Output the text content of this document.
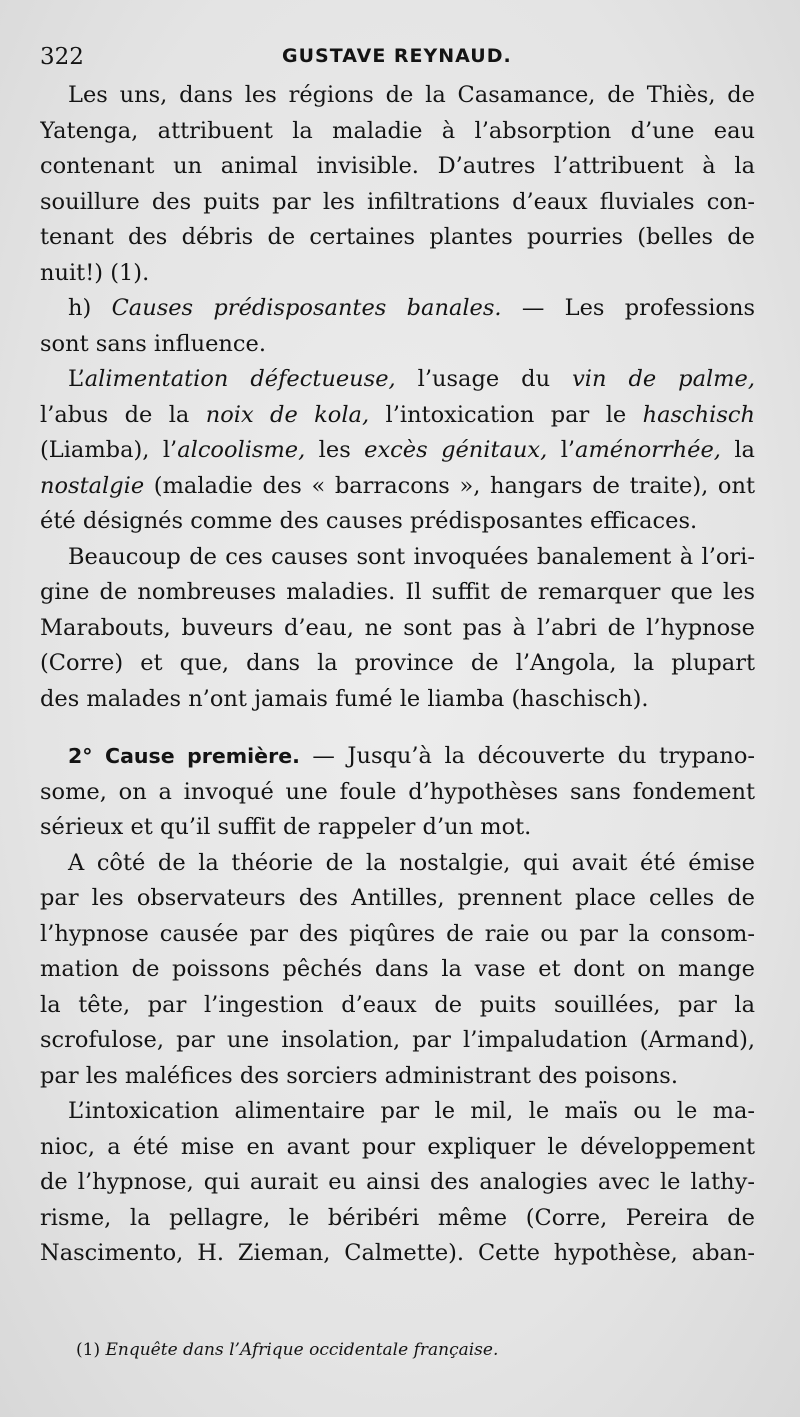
322	GUSTAVE REYNAUD.
Les uns, dans les régions de la Casamance, de Thiès, de
Yatenga, attribuent la maladie à l’absorption d’une eau
contenant un animal invisible. D’autres l’attribuent à la
souillure des puits par les infiltrations d’eaux fluviales con-
tenant des débris de certaines plantes pourries (belles de
nuit!) (1).
h) Causes prédisposantes banales. — Les professions
sont sans influence.
L’alimentation défectueuse, l’usage du vin de palme,
l’abus de la noix de kola, l’intoxication par le haschisch
(Liamba), l’alcoolisme, les excès génitaux, l’aménorrhée, la
nostalgie (maladie des « barracons », hangars de traite), ont
été désignés comme des causes prédisposantes efficaces.
Beaucoup de ces causes sont invoquées banalement à l’ori-
gine de nombreuses maladies. Il suffit de remarquer que les
Marabouts, buveurs d’eau, ne sont pas à l’abri de l’hypnose
(Corre) et que, dans la province de l’Angola, la plupart
des malades n’ont jamais fumé le liamba (haschisch).
2° Cause première. — Jusqu’à la découverte du trypano-
some, on a invoqué une foule d’hypothèses sans fondement
sérieux et qu’il suffit de rappeler d’un mot.
A côté de la théorie de la nostalgie, qui avait été émise
par les observateurs des Antilles, prennent place celles de
l’hypnose causée par des piqûres de raie ou par la consom-
mation de poissons pêchés dans la vase et dont on mange
la tête, par l’ingestion d’eaux de puits souillées, par la
scrofulose, par une insolation, par l’impaludation (Armand),
par les maléfices des sorciers administrant des poisons.
L’intoxication alimentaire par le mil, le maïs ou le ma-
nioc, a été mise en avant pour expliquer le développement
de l’hypnose, qui aurait eu ainsi des analogies avec le lathy-
risme, la pellagre, le béribéri même (Corre, Pereira de
Nascimento, H. Zieman, Calmette). Cette hypothèse, aban-
(1) Enquête dans l’Afrique occidentale française.
